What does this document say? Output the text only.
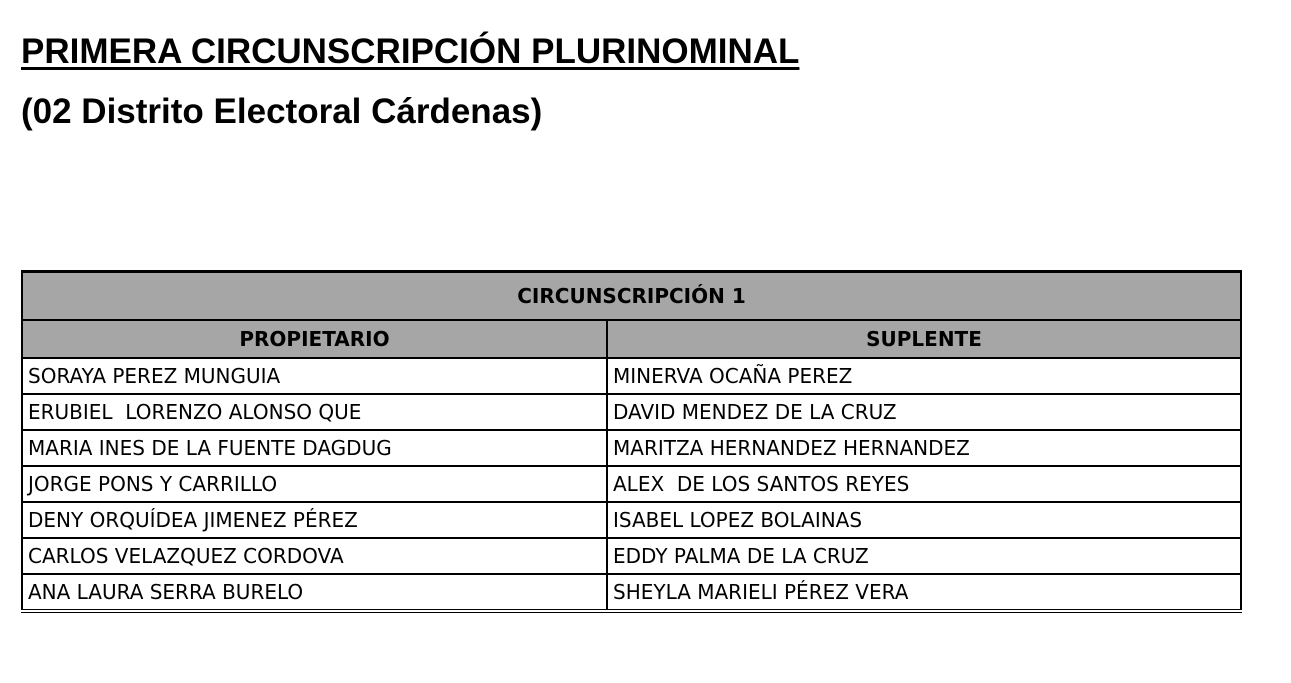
PRIMERA CIRCUNSCRIPCIÓN PLURINOMINAL
(02 Distrito Electoral Cárdenas)
CIRCUNSCRIPCIÓN 1	
PROPIETARIO	SUPLENTE
SORAYA PEREZ MUNGUIA	MINERVA OCAÑA PEREZ
ERUBIEL  LORENZO ALONSO QUE	DAVID MENDEZ DE LA CRUZ
MARIA INES DE LA FUENTE DAGDUG	MARITZA HERNANDEZ HERNANDEZ
JORGE PONS Y CARRILLO	ALEX  DE LOS SANTOS REYES
DENY ORQUÍDEA JIMENEZ PÉREZ	ISABEL LOPEZ BOLAINAS
CARLOS VELAZQUEZ CORDOVA	EDDY PALMA DE LA CRUZ
ANA LAURA SERRA BURELO	SHEYLA MARIELI PÉREZ VERA
